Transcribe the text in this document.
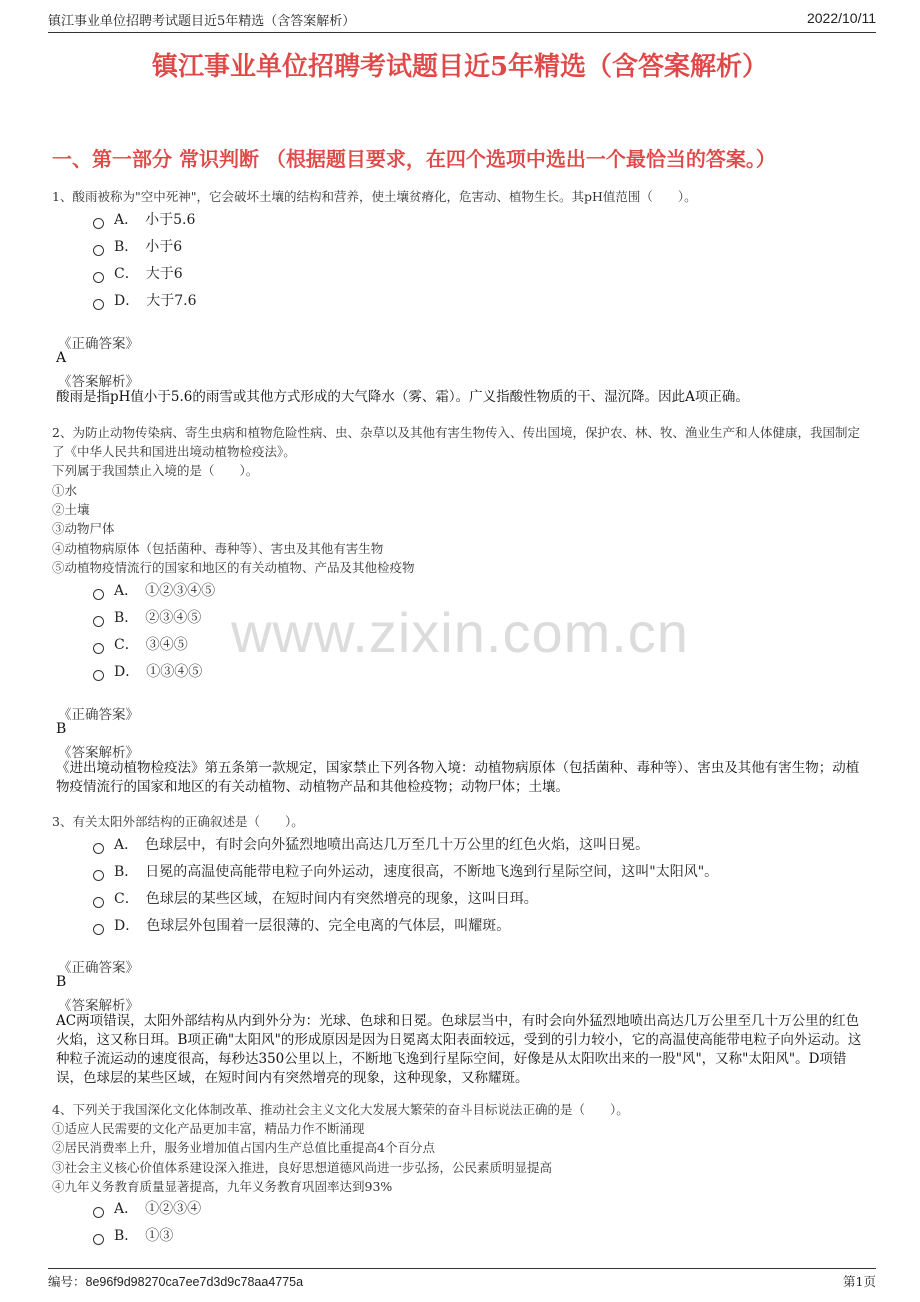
镇江事业单位招聘考试题目近5年精选（含答案解析）	2022/10/11
镇江事业单位招聘考试题目近5年精选（含答案解析）
一、第一部分 常识判断 （根据题目要求，在四个选项中选出一个最恰当的答案。）
www.zixin.com.cn
1、酸雨被称为"空中死神"，它会破坏土壤的结构和营养，使土壤贫瘠化，危害动、植物生长。其pH值范围（　　）。
A．　小于5.6
B．　小于6
C．　大于6
D．　大于7.6
《正确答案》
A
《答案解析》
酸雨是指pH值小于5.6的雨雪或其他方式形成的大气降水（雾、霜）。广义指酸性物质的干、湿沉降。因此A项正确。
2、为防止动物传染病、寄生虫病和植物危险性病、虫、杂草以及其他有害生物传入、传出国境，保护农、林、牧、渔业生产和人体健康，我国制定了《中华人民共和国进出境动植物检疫法》。
下列属于我国禁止入境的是（　　）。
①水
②土壤
③动物尸体
④动植物病原体（包括菌种、毒种等）、害虫及其他有害生物
⑤动植物疫情流行的国家和地区的有关动植物、产品及其他检疫物
A．　①②③④⑤
B．　②③④⑤
C．　③④⑤
D．　①③④⑤
《正确答案》
B
《答案解析》
《进出境动植物检疫法》第五条第一款规定，国家禁止下列各物入境：动植物病原体（包括菌种、毒种等）、害虫及其他有害生物；动植物疫情流行的国家和地区的有关动植物、动植物产品和其他检疫物；动物尸体；土壤。
3、有关太阳外部结构的正确叙述是（　　）。
A．　色球层中，有时会向外猛烈地喷出高达几万至几十万公里的红色火焰，这叫日冕。
B．　日冕的高温使高能带电粒子向外运动，速度很高，不断地飞逸到行星际空间，这叫"太阳风"。
C．　色球层的某些区域，在短时间内有突然增亮的现象，这叫日珥。
D．　色球层外包围着一层很薄的、完全电离的气体层，叫耀斑。
《正确答案》
B
《答案解析》
AC两项错误，太阳外部结构从内到外分为：光球、色球和日冕。色球层当中，有时会向外猛烈地喷出高达几万公里至几十万公里的红色火焰，这又称日珥。B项正确"太阳风"的形成原因是因为日冕离太阳表面较远，受到的引力较小，它的高温使高能带电粒子向外运动。这种粒子流运动的速度很高，每秒达350公里以上，不断地飞逸到行星际空间，好像是从太阳吹出来的一股"风"，又称"太阳风"。D项错误，色球层的某些区域，在短时间内有突然增亮的现象，这种现象，又称耀斑。
4、下列关于我国深化文化体制改革、推动社会主义文化大发展大繁荣的奋斗目标说法正确的是（　　）。
①适应人民需要的文化产品更加丰富，精品力作不断涌现
②居民消费率上升，服务业增加值占国内生产总值比重提高4个百分点
③社会主义核心价值体系建设深入推进，良好思想道德风尚进一步弘扬，公民素质明显提高
④九年义务教育质量显著提高，九年义务教育巩固率达到93%
A．　①②③④
B．　①③
编号：8e96f9d98270ca7ee7d3d9c78aa4775a	第1页
